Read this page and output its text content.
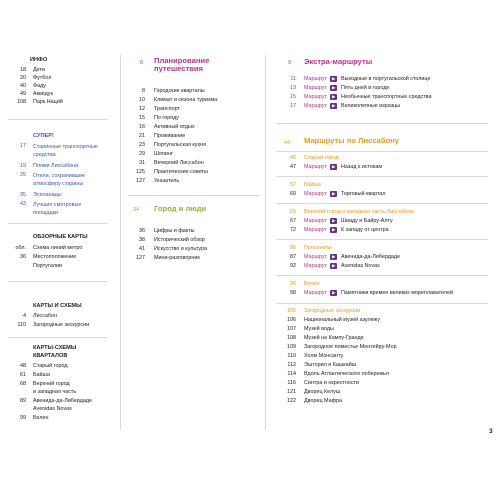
ИНФО
18 Дети
20 Футбол
40 Фаду
49 Акведук
108 Парк Наций
СУПЕР!
17 Старинные транспортные средства
19 Пляжи Лиссабона
25 Отели, сохранившие атмосферу старины
35 Эспланады
43 Лучшие смотровые площадки
ОБЗОРНЫЕ КАРТЫ
обл. Схема линий метро
36 Местоположение
Португалии
КАРТЫ И СХЕМЫ
4 Лиссабон
110 Загородные экскурсии
КАРТЫ-СХЕМЫ
КВАРТАЛОВ
48 Старый город
61 Байша
68 Верхний город
и западная часть
89 Авенида-да-Либердаде
Avenidas Novas
99 Белен
6 Планирование
путешествия
8 Городские кварталы
10 Климат и сезона туризма
12 Транспорт
15 По городу
16 Активный отдых
21 Проживание
23 Португальская кухня
29 Шопинг
31 Вечерний Лиссабон
125 Практические советы
127 Указатель
34 Город и люди
36 Цифры и факты
38 Исторический обзор
41 Искусство и культура
127 Мини-разговорник
9 Экстра-маршруты
11 Маршрут	▶	Выходные в португальской столице
13 Маршрут	▶	Пять дней в городе
15 Маршрут	▶	Необычные транспортные средства
17 Маршрут	▶	Великолепные изразцы
44 Маршруты по Лиссабону
46 Старый город
47 Маршрут	▶	Назад к истокам
57 Байша
60 Маршрут	▶	Торговый квартал
65 Верхний город и западная часть Лиссабона
67 Маршрут	▶	Шиаду и Байру-Алту
72 Маршрут	▶	К западу от центра
86 Проспекты
87 Маршрут	▶	Авенида-да-Либердаде
92 Маршрут	▶	Avenidas Novas
96 Белен
98 Маршрут	▶	Памятники времен великих мореплавателей
105 Загородные экскурсии
106 Национальный музей азулежу
107 Музей воды
108 Музей на Кампу-Гранде
109 Загородное поместье Монтейру-Мор
110 Холм Монсанту
112 Эшторил и Кашкайш
114 Вдоль Атлантического побережья
116 Синтра и окрестности
121 Дворец Келуш
122 Дворец Мафра
3
